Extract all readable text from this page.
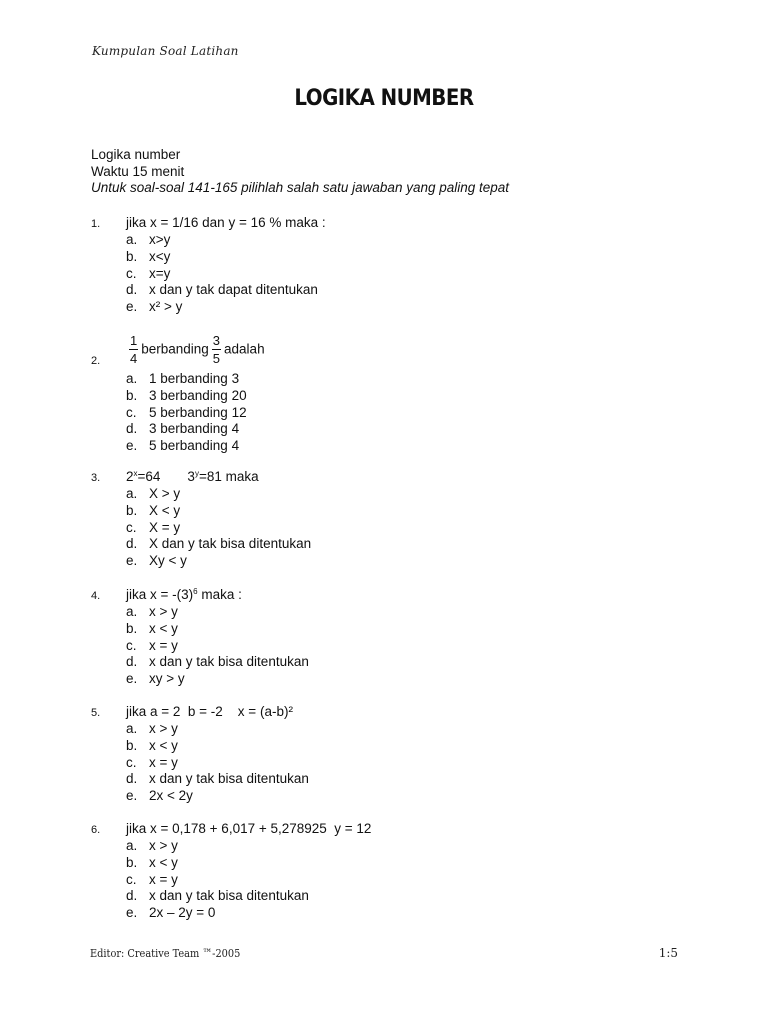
Kumpulan Soal Latihan
LOGIKA NUMBER
Logika number
Waktu 15 menit
Untuk soal-soal 141-165 pilihlah salah satu jawaban yang paling tepat
1. jika x = 1/16 dan y = 16 % maka :
a. x>y
b. x<y
c. x=y
d. x dan y tak dapat ditentukan
e. x² > y
2. $\frac{1}{4}$ berbanding $\frac{3}{5}$ adalah
a. 1 berbanding 3
b. 3 berbanding 20
c. 5 berbanding 12
d. 3 berbanding 4
e. 5 berbanding 4
3. $2^x=64$ $3^y=81$ maka
a. X > y
b. X < y
c. X = y
d. X dan y tak bisa ditentukan
e. Xy < y
4. jika $x = -(3)^6$ maka :
a. x > y
b. x < y
c. x = y
d. x dan y tak bisa ditentukan
e. xy > y
5. jika a = 2  b = -2    x = (a-b)²
a. x > y
b. x < y
c. x = y
d. x dan y tak bisa ditentukan
e. 2x < 2y
6. jika x = 0,178 + 6,017 + 5,278925  y = 12
a. x > y
b. x < y
c. x = y
d. x dan y tak bisa ditentukan
e. 2x – 2y = 0
Editor: Creative Team ™-2005	1:5
